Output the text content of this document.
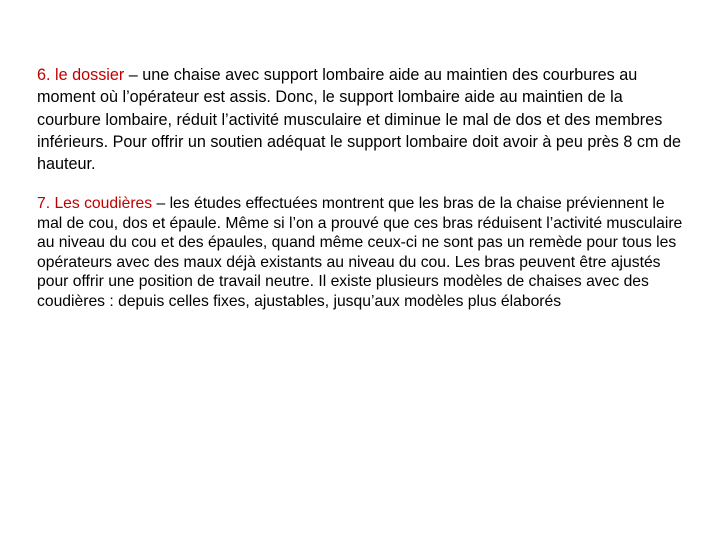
6. le dossier – une chaise avec support lombaire aide au maintien des courbures au moment où l’opérateur est assis. Donc, le support lombaire aide au maintien de la courbure lombaire, réduit l’activité musculaire et diminue le mal de dos et des membres inférieurs. Pour offrir un soutien adéquat le support lombaire doit avoir à peu près 8 cm de hauteur.

7. Les coudières – les études effectuées montrent que les bras de la chaise préviennent le mal de cou, dos et épaule. Même si l’on a prouvé que ces bras réduisent l’activité musculaire au niveau du cou et des épaules, quand même ceux-ci ne sont pas un remède pour tous les opérateurs avec des maux déjà existants au niveau du cou. Les bras peuvent être ajustés pour offrir une position de travail neutre. Il existe plusieurs modèles de chaises avec des coudières : depuis celles fixes, ajustables, jusqu’aux modèles plus élaborés
